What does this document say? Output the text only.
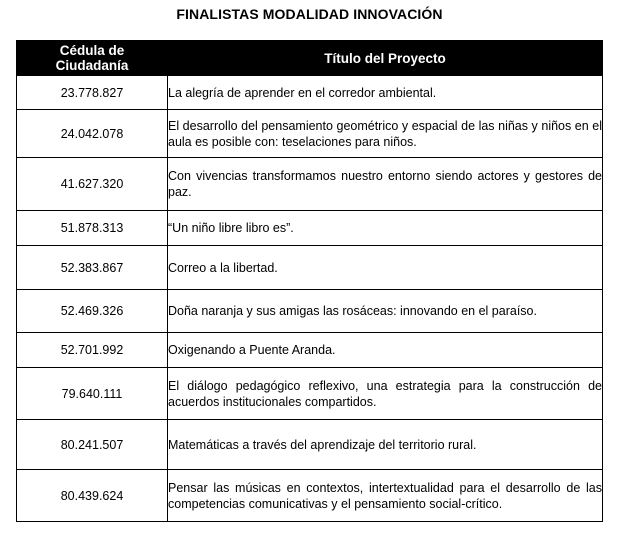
FINALISTAS MODALIDAD INNOVACIÓN
Cédula de
Ciudadanía	Título del Proyecto
23.778.827	La alegría de aprender en el corredor ambiental.
24.042.078	El desarrollo del pensamiento geométrico y espacial de las niñas y niños en el aula es posible con: teselaciones para niños.
41.627.320	Con vivencias transformamos nuestro entorno siendo actores y gestores de paz.
51.878.313	“Un niño libre libro es”.
52.383.867	Correo a la libertad.
52.469.326	Doña naranja y sus amigas las rosáceas: innovando en el paraíso.
52.701.992	Oxigenando a Puente Aranda.
79.640.111	El diálogo pedagógico reflexivo, una estrategia para la construcción de acuerdos institucionales compartidos.
80.241.507	Matemáticas a través del aprendizaje del territorio rural.
80.439.624	Pensar las músicas en contextos, intertextualidad para el desarrollo de las competencias comunicativas y el pensamiento social-crítico.
